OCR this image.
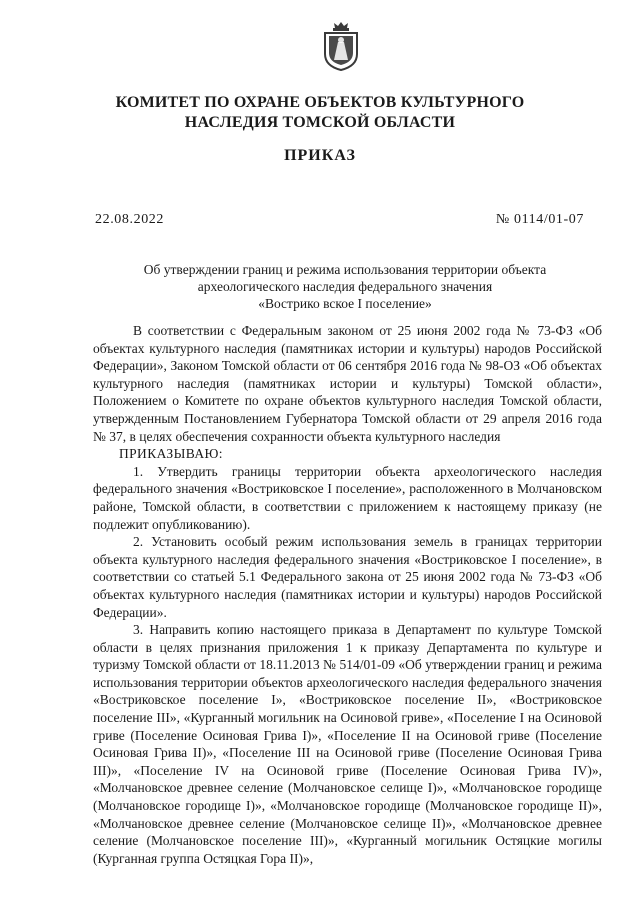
КОМИТЕТ ПО ОХРАНЕ ОБЪЕКТОВ КУЛЬТУРНОГО
НАСЛЕДИЯ ТОМСКОЙ ОБЛАСТИ
ПРИКАЗ
22.08.2022	№ 0114/01-07
Об утверждении границ и режима использования территории объекта
археологического наследия федерального значения
«Вострико вское I поселение»

В соответствии с Федеральным законом от 25 июня 2002 года № 73-ФЗ «Об объектах культурного наследия (памятниках истории и культуры) народов Российской Федерации», Законом Томской области от 06 сентября 2016 года № 98-ОЗ «Об объектах культурного наследия (памятниках истории и культуры) Томской области», Положением о Комитете по охране объектов культурного наследия Томской области, утвержденным Постановлением Губернатора Томской области от 29 апреля 2016 года № 37, в целях обеспечения сохранности объекта культурного наследия

ПРИКАЗЫВАЮ:

1. Утвердить границы территории объекта археологического наследия федерального значения «Востриковское I поселение», расположенного в Молчановском районе, Томской области, в соответствии с приложением к настоящему приказу (не подлежит опубликованию).

2. Установить особый режим использования земель в границах территории объекта культурного наследия федерального значения «Востриковское I поселение», в соответствии со статьей 5.1 Федерального закона от 25 июня 2002 года № 73-ФЗ «Об объектах культурного наследия (памятниках истории и культуры) народов Российской Федерации».

3. Направить копию настоящего приказа в Департамент по культуре Томской области в целях признания приложения 1 к приказу Департамента по культуре и туризму Томской области от 18.11.2013 № 514/01-09 «Об утверждении границ и режима использования территории объектов археологического наследия федерального значения «Востриковское поселение I», «Востриковское поселение II», «Востриковское поселение III», «Курганный могильник на Осиновой гриве», «Поселение I на Осиновой гриве (Поселение Осиновая Грива I)», «Поселение II на Осиновой гриве (Поселение Осиновая Грива II)», «Поселение III на Осиновой гриве (Поселение Осиновая Грива III)», «Поселение IV на Осиновой гриве (Поселение Осиновая Грива IV)», «Молчановское древнее селение (Молчановское селище I)», «Молчановское городище (Молчановское городище I)», «Молчановское городище (Молчановское городище II)», «Молчановское древнее селение (Молчановское селище II)», «Молчановское древнее селение (Молчановское поселение III)», «Курганный могильник Остяцкие могилы (Курганная группа Остяцкая Гора II)»,
